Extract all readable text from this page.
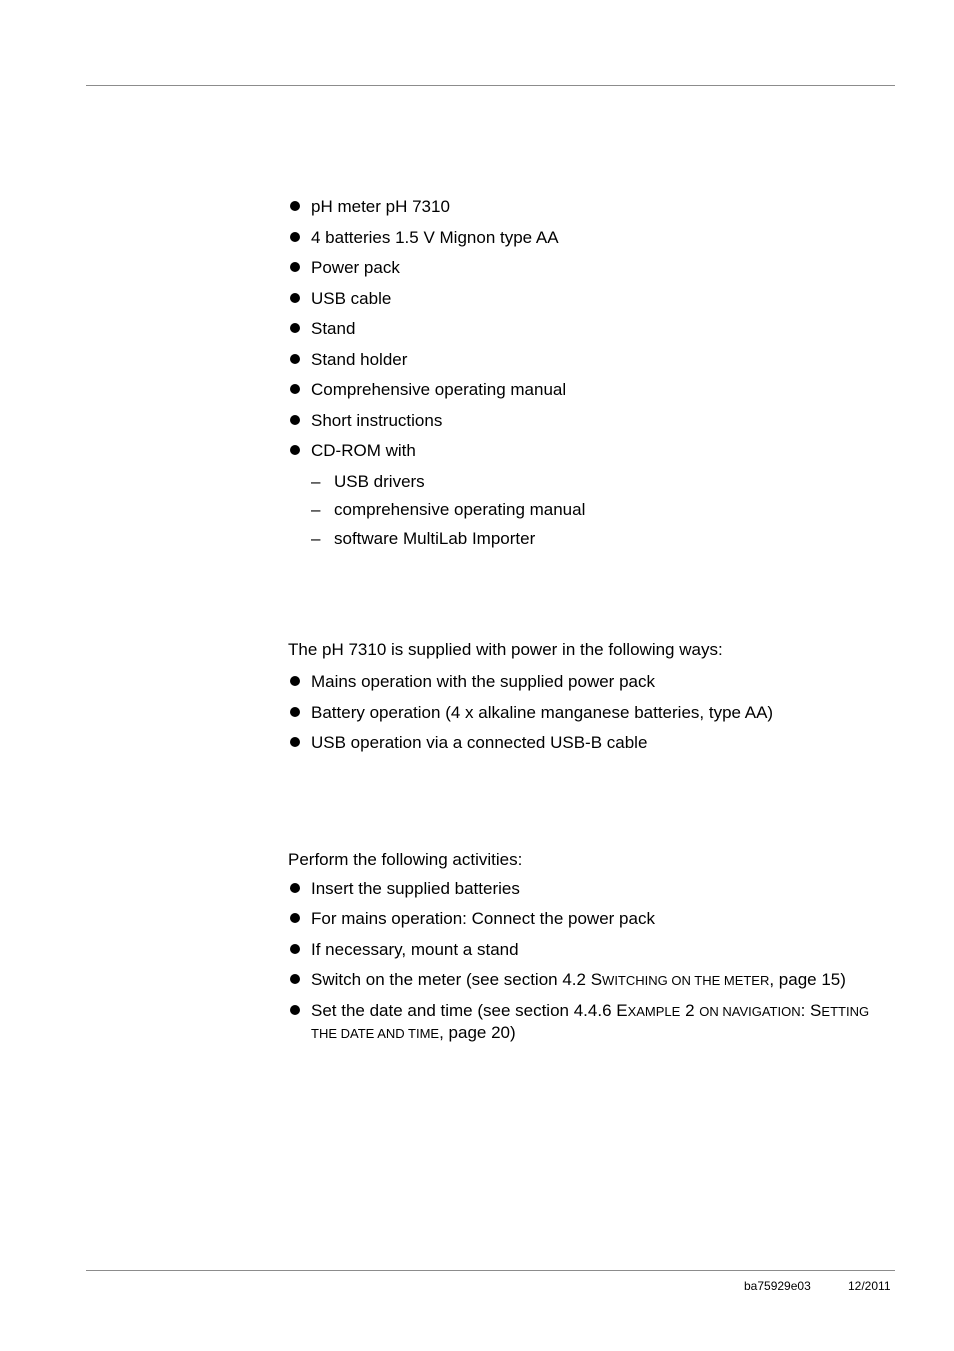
pH meter pH 7310
4 batteries 1.5 V Mignon type AA
Power pack
USB cable
Stand
Stand holder
Comprehensive operating manual
Short instructions
CD-ROM with
– USB drivers
– comprehensive operating manual
– software MultiLab Importer
The pH 7310 is supplied with power in the following ways:
Mains operation with the supplied power pack
Battery operation (4 x alkaline manganese batteries, type AA)
USB operation via a connected USB-B cable
Perform the following activities:
Insert the supplied batteries
For mains operation: Connect the power pack
If necessary, mount a stand
Switch on the meter (see section 4.2 SWITCHING ON THE METER, page 15)
Set the date and time (see section 4.4.6 EXAMPLE 2 ON NAVIGATION: SETTING
THE DATE AND TIME, page 20)
ba75929e03	12/2011
